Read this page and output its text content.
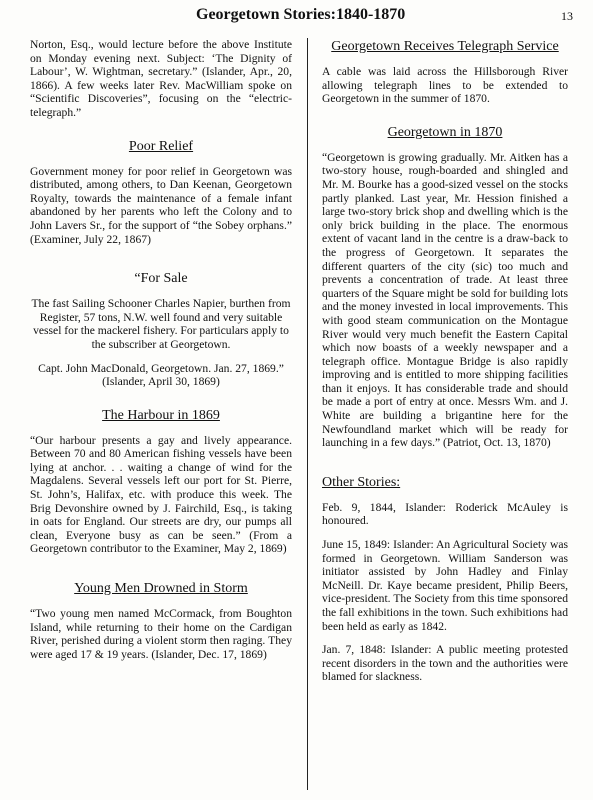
Georgetown Stories:1840-1870	13

Norton, Esq., would lecture before the above Institute on Monday evening next. Subject: ‘The Dignity of Labour’, W. Wightman, secretary.” (Islander, Apr., 20, 1866). A few weeks later Rev. MacWilliam spoke on “Scientific Discoveries”, focusing on the “electric-telegraph.”

Poor Relief

Government money for poor relief in Georgetown was distributed, among others, to Dan Keenan, Georgetown Royalty, towards the maintenance of a female infant abandoned by her parents who left the Colony and to John Lavers Sr., for the support of “the Sobey orphans.” (Examiner, July 22, 1867)

“For Sale

The fast Sailing Schooner Charles Napier, burthen from Register, 57 tons, N.W. well found and very suitable vessel for the mackerel fishery. For particulars apply to the subscriber at Georgetown.

Capt. John MacDonald, Georgetown. Jan. 27, 1869.”

(Islander, April 30, 1869)

The Harbour in 1869

“Our harbour presents a gay and lively appearance. Between 70 and 80 American fishing vessels have been lying at anchor. . . waiting a change of wind for the Magdalens. Several vessels left our port for St. Pierre, St. John’s, Halifax, etc. with produce this week. The Brig Devonshire owned by J. Fairchild, Esq., is taking in oats for England. Our streets are dry, our pumps all clean, Everyone busy as can be seen.” (From a Georgetown contributor to the Examiner, May 2, 1869)

Young Men Drowned in Storm

“Two young men named McCormack, from Boughton Island, while returning to their home on the Cardigan River, perished during a violent storm then raging. They were aged 17 & 19 years. (Islander, Dec. 17, 1869)

Georgetown Receives Telegraph Service

A cable was laid across the Hillsborough River allowing telegraph lines to be extended to Georgetown in the summer of 1870.

Georgetown in 1870

“Georgetown is growing gradually. Mr. Aitken has a two-story house, rough-boarded and shingled and Mr. M. Bourke has a good-sized vessel on the stocks partly planked. Last year, Mr. Hession finished a large two-story brick shop and dwelling which is the only brick building in the place. The enormous extent of vacant land in the centre is a draw-back to the progress of Georgetown. It separates the different quarters of the city (sic) too much and prevents a concentration of trade. At least three quarters of the Square might be sold for building lots and the money invested in local improvements. This with good steam communication on the Montague River would very much benefit the Eastern Capital which now boasts of a weekly newspaper and a telegraph office. Montague Bridge is also rapidly improving and is entitled to more shipping facilities than it enjoys. It has considerable trade and should be made a port of entry at once. Messrs Wm. and J. White are building a brigantine here for the Newfoundland market which will be ready for launching in a few days.” (Patriot, Oct. 13, 1870)

Other Stories:

Feb. 9, 1844, Islander: Roderick McAuley is honoured.

June 15, 1849: Islander: An Agricultural Society was formed in Georgetown. William Sanderson was initiator assisted by John Hadley and Finlay McNeill. Dr. Kaye became president, Philip Beers, vice-president. The Society from this time sponsored the fall exhibitions in the town. Such exhibitions had been held as early as 1842.

Jan. 7, 1848: Islander: A public meeting protested recent disorders in the town and the authorities were blamed for slackness.
